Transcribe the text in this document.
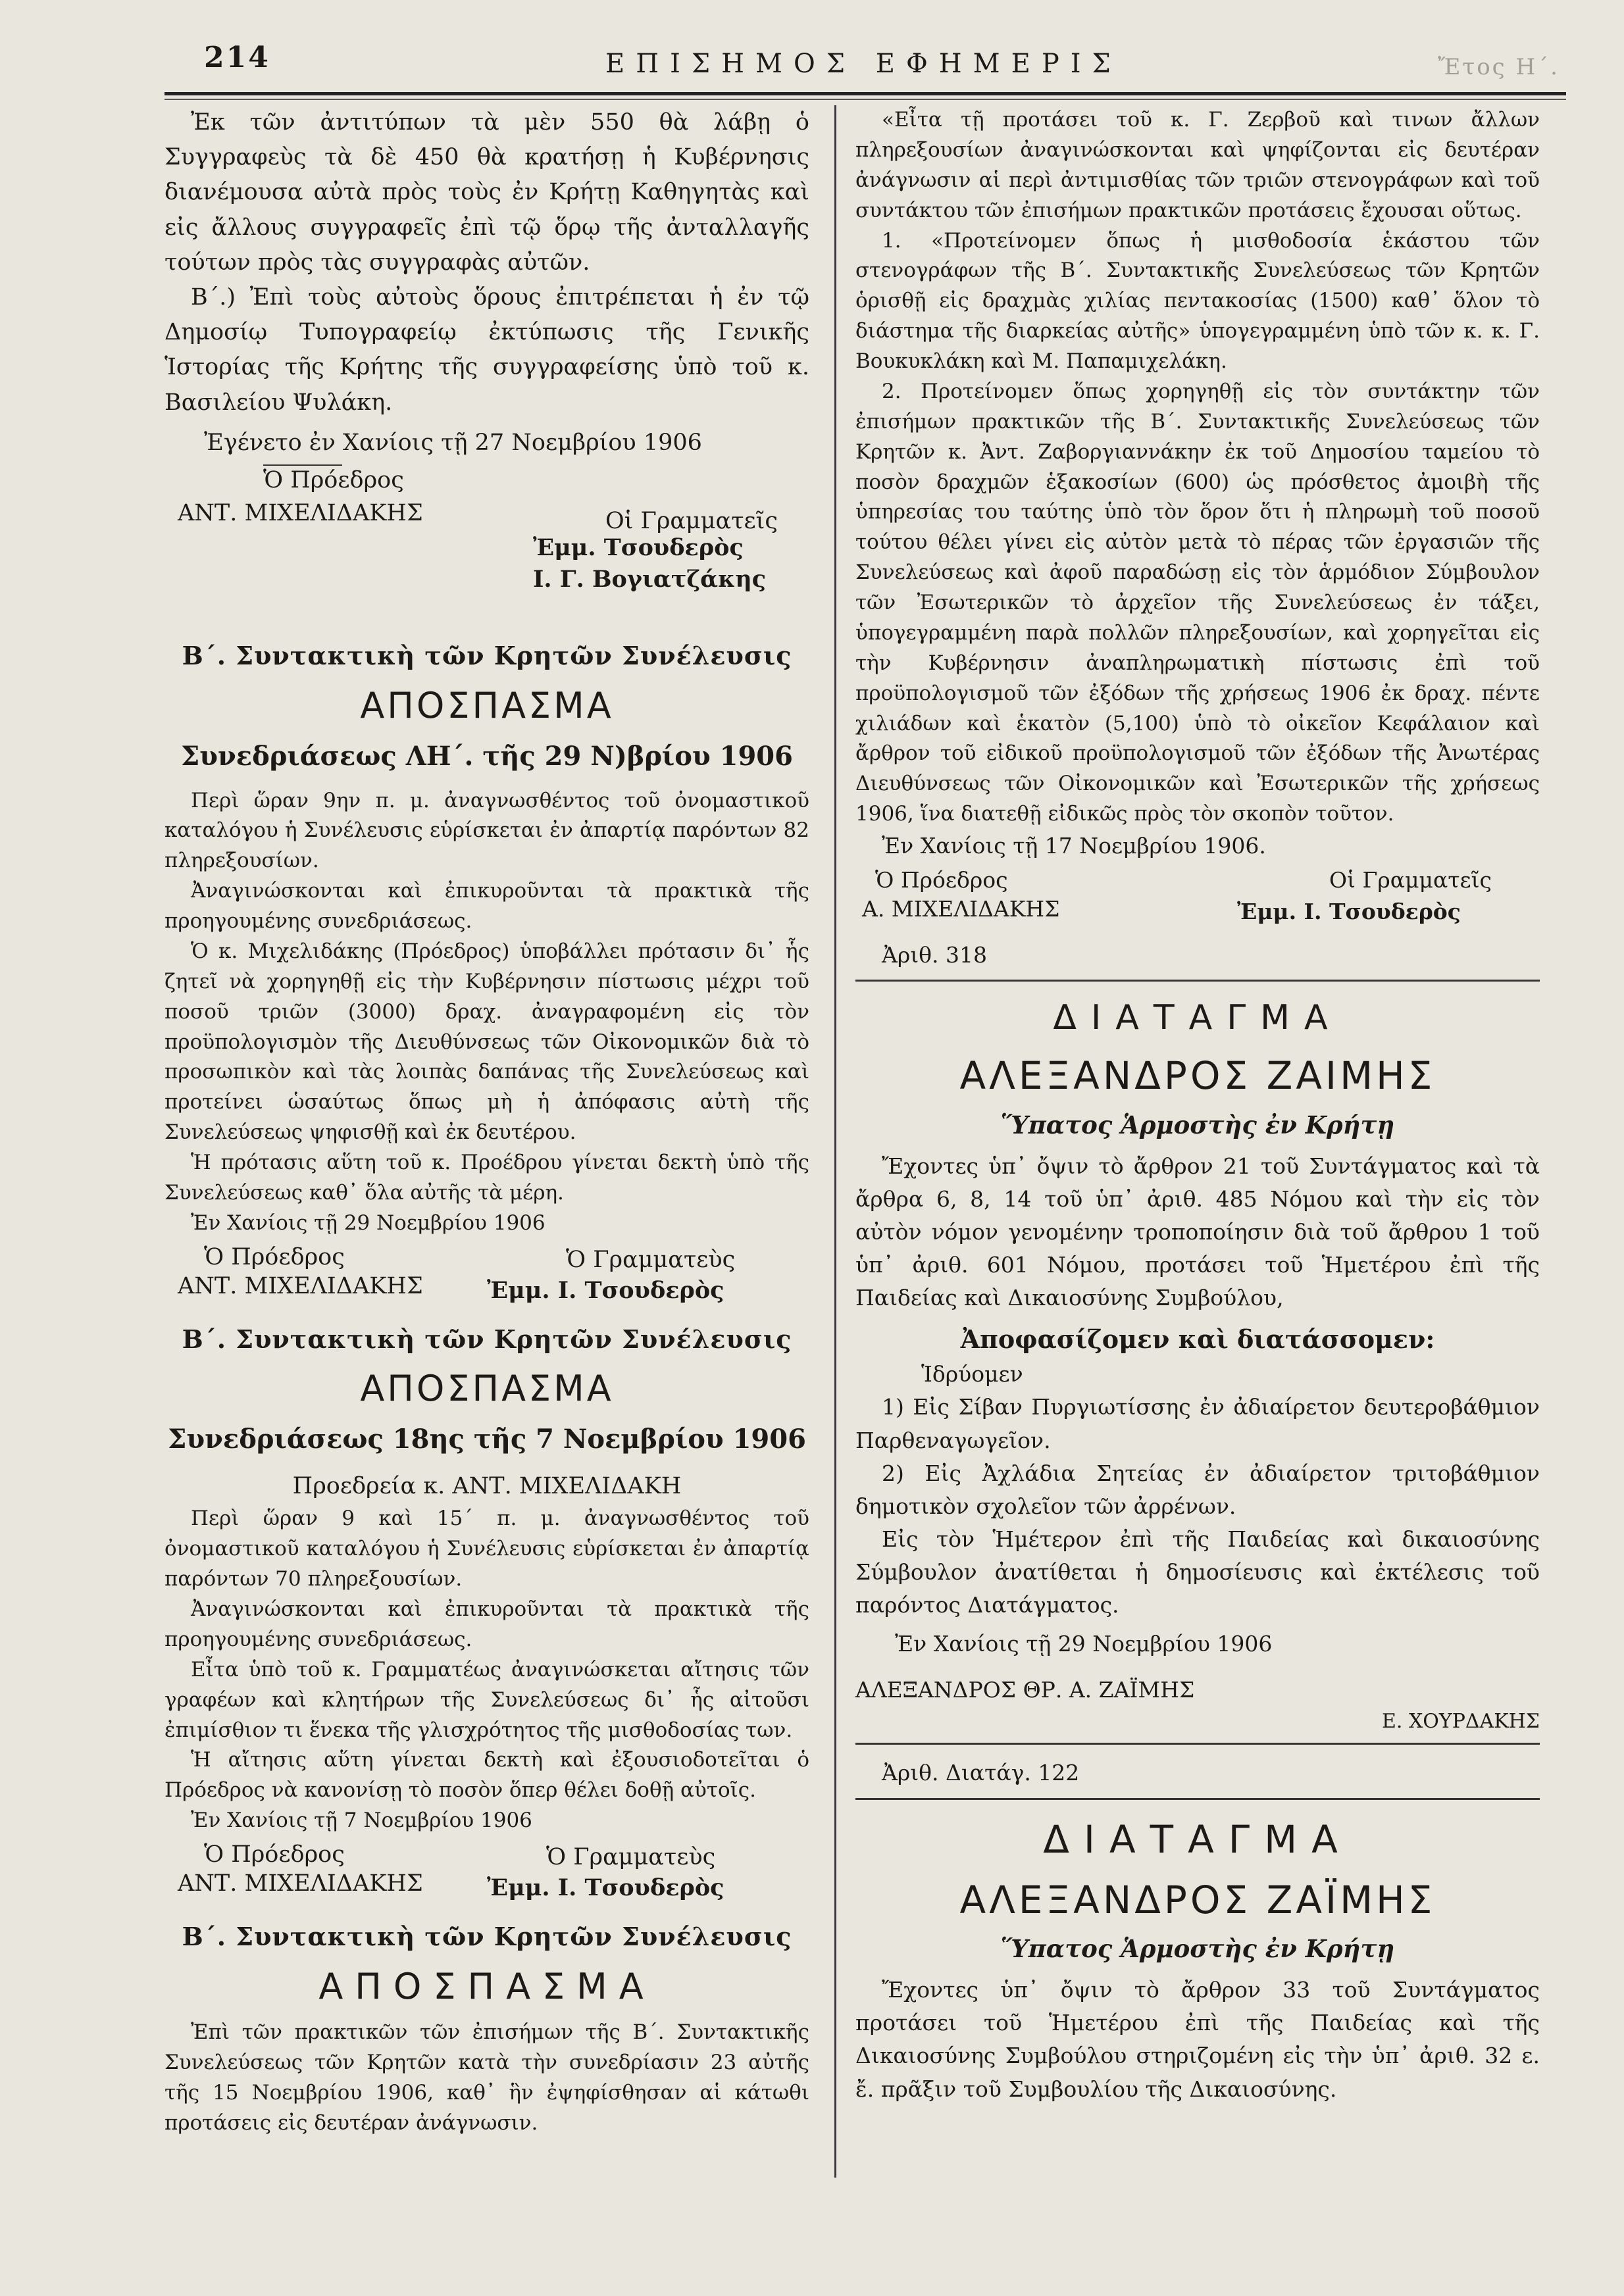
214	ΕΠΙΣΗΜΟΣ ΕΦΗΜΕΡΙΣ	Ἔτος Η΄.

Ἐκ τῶν ἀντιτύπων τὰ μὲν 550 θὰ λάβῃ ὁ Συγγραφεὺς τὰ δὲ 450 θὰ κρατήσῃ ἡ Κυβέρνησις διανέμουσα αὐτὰ πρὸς τοὺς ἐν Κρήτῃ Καθηγητὰς καὶ εἰς ἄλλους συγγραφεῖς ἐπὶ τῷ ὅρῳ τῆς ἀνταλλαγῆς τούτων πρὸς τὰς συγγραφὰς αὐτῶν.

Β΄.) Ἐπὶ τοὺς αὐτοὺς ὅρους ἐπιτρέπεται ἡ ἐν τῷ Δημοσίῳ Τυπογραφείῳ ἐκτύπωσις τῆς Γενικῆς Ἱστορίας τῆς Κρήτης τῆς συγγραφείσης ὑπὸ τοῦ κ. Βασιλείου Ψυλάκη.

Ἐγένετο ἐν Χανίοις τῇ 27 Νοεμβρίου 1906

Ὁ Πρόεδρος
ΑΝΤ. ΜΙΧΕΛΙΔΑΚΗΣ	Οἱ Γραμματεῖς
Ἐμμ. Τσουδερὸς
Ι. Γ. Βογιατζάκης
Β΄. Συντακτικὴ τῶν Κρητῶν Συνέλευσις
ΑΠΟΣΠΑΣΜΑ
Συνεδριάσεως ΛΗ΄. τῆς 29 Ν)βρίου 1906

Περὶ ὥραν 9ην π. μ. ἀναγνωσθέντος τοῦ ὀνομαστικοῦ καταλόγου ἡ Συνέλευσις εὑρίσκεται ἐν ἀπαρτίᾳ παρόντων 82 πληρεξουσίων.

Ἀναγινώσκονται καὶ ἐπικυροῦνται τὰ πρακτικὰ τῆς προηγουμένης συνεδριάσεως.

Ὁ κ. Μιχελιδάκης (Πρόεδρος) ὑποβάλλει πρότασιν δι᾽ ἧς ζητεῖ νὰ χορηγηθῇ εἰς τὴν Κυβέρνησιν πίστωσις μέχρι τοῦ ποσοῦ τριῶν (3000) δραχ. ἀναγραφομένη εἰς τὸν προϋπολογισμὸν τῆς Διευθύνσεως τῶν Οἰκονομικῶν διὰ τὸ προσωπικὸν καὶ τὰς λοιπὰς δαπάνας τῆς Συνελεύσεως καὶ προτείνει ὡσαύτως ὅπως μὴ ἡ ἀπόφασις αὐτὴ τῆς Συνελεύσεως ψηφισθῇ καὶ ἐκ δευτέρου.

Ἡ πρότασις αὕτη τοῦ κ. Προέδρου γίνεται δεκτὴ ὑπὸ τῆς Συνελεύσεως καθ᾽ ὅλα αὐτῆς τὰ μέρη.

Ἐν Χανίοις τῇ 29 Νοεμβρίου 1906

Ὁ Πρόεδρος
ΑΝΤ. ΜΙΧΕΛΙΔΑΚΗΣ
Ὁ Γραμματεὺς
Ἐμμ. Ι. Τσουδερὸς
Β΄. Συντακτικὴ τῶν Κρητῶν Συνέλευσις
ΑΠΟΣΠΑΣΜΑ
Συνεδριάσεως 18ης τῆς 7 Νοεμβρίου 1906

Προεδρεία κ. ΑΝΤ. ΜΙΧΕΛΙΔΑΚΗ

Περὶ ὥραν 9 καὶ 15΄ π. μ. ἀναγνωσθέντος τοῦ ὀνομαστικοῦ καταλόγου ἡ Συνέλευσις εὑρίσκεται ἐν ἀπαρτίᾳ παρόντων 70 πληρεξουσίων.

Ἀναγινώσκονται καὶ ἐπικυροῦνται τὰ πρακτικὰ τῆς προηγουμένης συνεδριάσεως.

Εἶτα ὑπὸ τοῦ κ. Γραμματέως ἀναγινώσκεται αἴτησις τῶν γραφέων καὶ κλητήρων τῆς Συνελεύσεως δι᾽ ἧς αἰτοῦσι ἐπιμίσθιον τι ἕνεκα τῆς γλισχρότητος τῆς μισθοδοσίας των.

Ἡ αἴτησις αὕτη γίνεται δεκτὴ καὶ ἐξουσιοδοτεῖται ὁ Πρόεδρος νὰ κανονίσῃ τὸ ποσὸν ὅπερ θέλει δοθῇ αὐτοῖς.

Ἐν Χανίοις τῇ 7 Νοεμβρίου 1906

Ὁ Πρόεδρος
ΑΝΤ. ΜΙΧΕΛΙΔΑΚΗΣ
Ὁ Γραμματεὺς
Ἐμμ. Ι. Τσουδερὸς
Β΄. Συντακτικὴ τῶν Κρητῶν Συνέλευσις
ΑΠΟΣΠΑΣΜΑ

Ἐπὶ τῶν πρακτικῶν τῶν ἐπισήμων τῆς Β΄. Συντακτικῆς Συνελεύσεως τῶν Κρητῶν κατὰ τὴν συνεδρίασιν 23 αὐτῆς τῆς 15 Νοεμβρίου 1906, καθ᾽ ἣν ἐψηφίσθησαν αἱ κάτωθι προτάσεις εἰς δευτέραν ἀνάγνωσιν.

«Εἶτα τῇ προτάσει τοῦ κ. Γ. Ζερβοῦ καὶ τινων ἄλλων πληρεξουσίων ἀναγινώσκονται καὶ ψηφίζονται εἰς δευτέραν ἀνάγνωσιν αἱ περὶ ἀντιμισθίας τῶν τριῶν στενογράφων καὶ τοῦ συντάκτου τῶν ἐπισήμων πρακτικῶν προτάσεις ἔχουσαι οὕτως.

1. «Προτείνομεν ὅπως ἡ μισθοδοσία ἑκάστου τῶν στενογράφων τῆς Β΄. Συντακτικῆς Συνελεύσεως τῶν Κρητῶν ὁρισθῇ εἰς δραχμὰς χιλίας πεντακοσίας (1500) καθ᾽ ὅλον τὸ διάστημα τῆς διαρκείας αὐτῆς» ὑπογεγραμμένη ὑπὸ τῶν κ. κ. Γ. Βουκυκλάκη καὶ Μ. Παπαμιχελάκη.

2. Προτείνομεν ὅπως χορηγηθῇ εἰς τὸν συντάκτην τῶν ἐπισήμων πρακτικῶν τῆς Β΄. Συντακτικῆς Συνελεύσεως τῶν Κρητῶν κ. Ἀντ. Ζαβοργιαννάκην ἐκ τοῦ Δημοσίου ταμείου τὸ ποσὸν δραχμῶν ἑξακοσίων (600) ὡς πρόσθετος ἀμοιβὴ τῆς ὑπηρεσίας του ταύτης ὑπὸ τὸν ὅρον ὅτι ἡ πληρωμὴ τοῦ ποσοῦ τούτου θέλει γίνει εἰς αὐτὸν μετὰ τὸ πέρας τῶν ἐργασιῶν τῆς Συνελεύσεως καὶ ἀφοῦ παραδώσῃ εἰς τὸν ἁρμόδιον Σύμβουλον τῶν Ἐσωτερικῶν τὸ ἀρχεῖον τῆς Συνελεύσεως ἐν τάξει, ὑπογεγραμμένη παρὰ πολλῶν πληρεξουσίων, καὶ χορηγεῖται εἰς τὴν Κυβέρνησιν ἀναπληρωματικὴ πίστωσις ἐπὶ τοῦ προϋπολογισμοῦ τῶν ἐξόδων τῆς χρήσεως 1906 ἐκ δραχ. πέντε χιλιάδων καὶ ἑκατὸν (5,100) ὑπὸ τὸ οἰκεῖον Κεφάλαιον καὶ ἄρθρον τοῦ εἰδικοῦ προϋπολογισμοῦ τῶν ἐξόδων τῆς Ἀνωτέρας Διευθύνσεως τῶν Οἰκονομικῶν καὶ Ἐσωτερικῶν τῆς χρήσεως 1906, ἵνα διατεθῇ εἰδικῶς πρὸς τὸν σκοπὸν τοῦτον.

Ἐν Χανίοις τῇ 17 Νοεμβρίου 1906.

Ὁ Πρόεδρος
Α. ΜΙΧΕΛΙΔΑΚΗΣ
Οἱ Γραμματεῖς
Ἐμμ. Ι. Τσουδερὸς
Ἀριθ. 318
ΔΙΑΤΑΓΜΑ
ΑΛΕΞΑΝΔΡΟΣ ΖΑΙΜΗΣ
Ὕπατος Ἁρμοστὴς ἐν Κρήτῃ

Ἔχοντες ὑπ᾽ ὄψιν τὸ ἄρθρον 21 τοῦ Συντάγματος καὶ τὰ ἄρθρα 6, 8, 14 τοῦ ὑπ᾽ ἀριθ. 485 Νόμου καὶ τὴν εἰς τὸν αὐτὸν νόμον γενομένην τροποποίησιν διὰ τοῦ ἄρθρου 1 τοῦ ὑπ᾽ ἀριθ. 601 Νόμου, προτάσει τοῦ Ἡμετέρου ἐπὶ τῆς Παιδείας καὶ Δικαιοσύνης Συμβούλου,

Ἀποφασίζομεν καὶ διατάσσομεν:

Ἱδρύομεν

1) Εἰς Σίβαν Πυργιωτίσσης ἐν ἀδιαίρετον δευτεροβάθμιον Παρθεναγωγεῖον.

2) Εἰς Ἀχλάδια Σητείας ἐν ἀδιαίρετον τριτοβάθμιον δημοτικὸν σχολεῖον τῶν ἀρρένων.

Εἰς τὸν Ἡμέτερον ἐπὶ τῆς Παιδείας καὶ δικαιοσύνης Σύμβουλον ἀνατίθεται ἡ δημοσίευσις καὶ ἐκτέλεσις τοῦ παρόντος Διατάγματος.

Ἐν Χανίοις τῇ 29 Νοεμβρίου 1906

ΑΛΕΞΑΝΔΡΟΣ ΘΡ. Α. ΖΑΪΜΗΣ

Ε. ΧΟΥΡΔΑΚΗΣ

Ἀριθ. Διατάγ. 122
ΔΙΑΤΑΓΜΑ
ΑΛΕΞΑΝΔΡΟΣ ΖΑΪΜΗΣ
Ὕπατος Ἁρμοστὴς ἐν Κρήτῃ

Ἔχοντες ὑπ᾽ ὄψιν τὸ ἄρθρον 33 τοῦ Συντάγματος προτάσει τοῦ Ἡμετέρου ἐπὶ τῆς Παιδείας καὶ τῆς Δικαιοσύνης Συμβούλου στηριζομένη εἰς τὴν ὑπ᾽ ἀριθ. 32 ε. ἔ. πρᾶξιν τοῦ Συμβουλίου τῆς Δικαιοσύνης.
